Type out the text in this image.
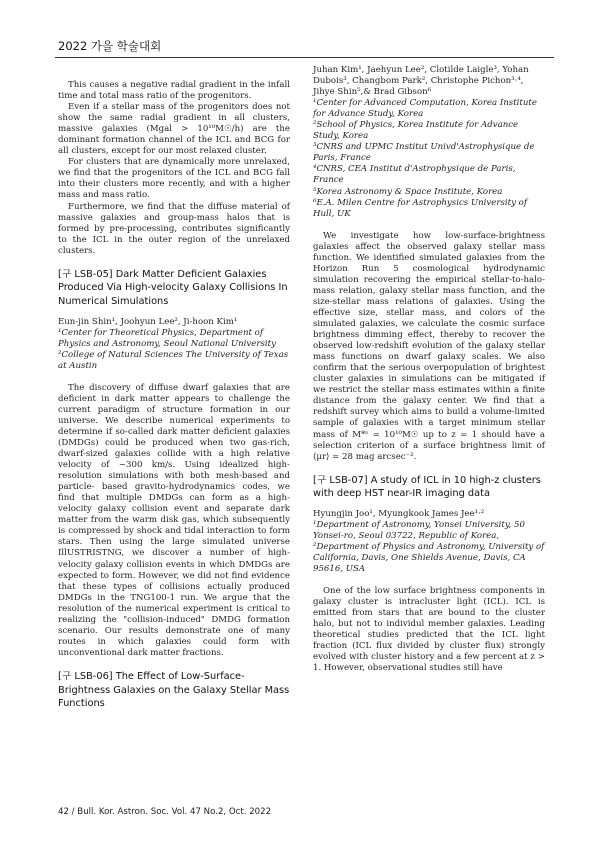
2022 가을 학술대회

This causes a negative radial gradient in the infall time and total mass ratio of the progenitors.

Even if a stellar mass of the progenitors does not show the same radial gradient in all clusters, massive galaxies (Mgal > 10¹⁰M☉/h) are the dominant formation channel of the ICL and BCG for all clusters, except for our most relaxed cluster.

For clusters that are dynamically more unrelaxed, we find that the progenitors of the ICL and BCG fall into their clusters more recently, and with a higher mass and mass ratio.

Furthermore, we find that the diffuse material of massive galaxies and group-mass halos that is formed by pre-processing, contributes significantly to the ICL in the outer region of the unrelaxed clusters.

[구 LSB-05] Dark Matter Deficient Galaxies Produced Via High-velocity Galaxy Collisions In Numerical Simulations

Eun-jin Shin¹, Joohyun Lee², Ji-hoon Kim¹

¹Center for Theoretical Physics, Department of Physics and Astronomy, Seoul National University

²College of Natural Sciences The University of Texas at Austin

The discovery of diffuse dwarf galaxies that are deficient in dark matter appears to challenge the current paradigm of structure formation in our universe. We describe numerical experiments to determine if so-called dark matter deficient galaxies (DMDGs) could be produced when two gas-rich, dwarf-sized galaxies collide with a high relative velocity of ~300 km/s. Using idealized high-resolution simulations with both mesh-based and particle- based gravito-hydrodynamics codes, we find that multiple DMDGs can form as a high-velocity galaxy collision event and separate dark matter from the warm disk gas, which subsequently is compressed by shock and tidal interaction to form stars. Then using the large simulated universe IllUSTRISTNG, we discover a number of high-velocity galaxy collision events in which DMDGs are expected to form. However, we did not find evidence that these types of collisions actually produced DMDGs in the TNG100-1 run. We argue that the resolution of the numerical experiment is critical to realizing the "collision-induced" DMDG formation scenario. Our results demonstrate one of many routes in which galaxies could form with unconventional dark matter fractions.

[구 LSB-06] The Effect of Low-Surface-Brightness Galaxies on the Galaxy Stellar Mass Functions

Juhan Kim¹, Jaehyun Lee², Clotilde Laigle³, Yohan Dubois³, Changbom Park², Christophe Pichon³·⁴, Jihye Shin⁵,& Brad Gibson⁶

¹Center for Advanced Computation, Korea Institute for Advance Study, Korea

²School of Physics, Korea Institute for Advance Study, Korea

³CNRS and UPMC Institut Univd'Astrophysique de Paris, France

⁴CNRS, CEA Institut d'Astrophysique de Paris, France

⁵Korea Astronomy & Space Institute, Korea

⁶E.A. Milen Centre for Astrophysics University of Hull, UK

We investigate how low-surface-brightness galaxies affect the observed galaxy stellar mass function. We identified simulated galaxies from the Horizon Run 5 cosmological hydrodynamic simulation recovering the empirical stellar-to-halo-mass relation, galaxy stellar mass function, and the size-stellar mass relations of galaxies. Using the effective size, stellar mass, and colors of the simulated galaxies, we calculate the cosmic surface brightness dimming effect, thereby to recover the observed low-redshift evolution of the galaxy stellar mass functions on dwarf galaxy scales. We also confirm that the serious overpopulation of brightest cluster galaxies in simulations can be mitigated if we restrict the stellar mass estimates within a finite distance from the galaxy center. We find that a redshift survey which aims to build a volume-limited sample of galaxies with a target minimum stellar mass of M*ˢ = 10¹⁰M☉ up to z = 1 should have a selection criterion of a surface brightness limit of ⟨μr⟩ = 28 mag arcsec⁻².

[구 LSB-07] A study of ICL in 10 high-z clusters with deep HST near-IR imaging data

Hyungjin Joo¹, Myungkook James Jee¹·²

¹Department of Astronomy, Yonsei University, 50 Yonsei-ro, Seoul 03722, Republic of Korea,

²Department of Physics and Astronomy, University of California, Davis, One Shields Avenue, Davis, CA 95616, USA

One of the low surface brightness components in galaxy cluster is intracluster light (ICL). ICL is emitted from stars that are bound to the cluster halo, but not to individul member galaxies. Leading theoretical studies predicted that the ICL light fraction (ICL flux divided by cluster flux) strongly evolved with cluster history and a few percent at z > 1. However, observational studies still have

42 / Bull. Kor. Astron. Soc. Vol. 47 No.2, Oct. 2022
